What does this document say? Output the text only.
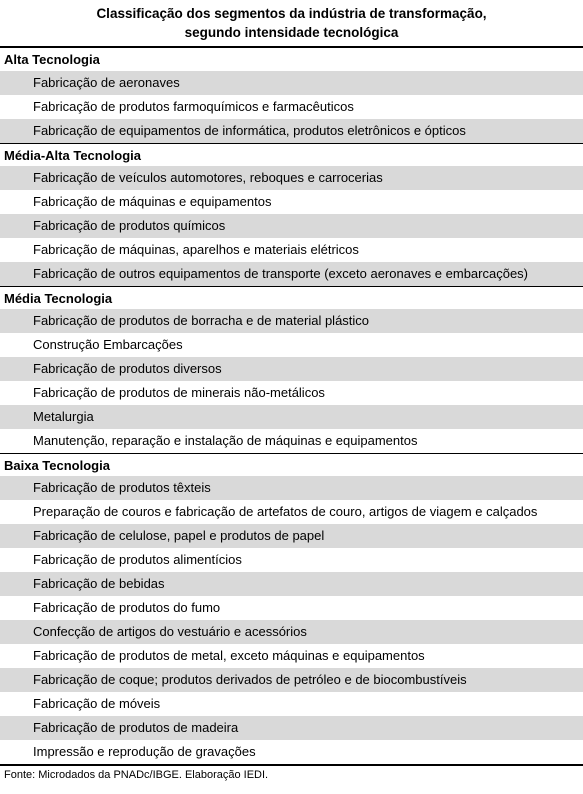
Classificação dos segmentos da indústria de transformação,
segundo intensidade tecnológica
Alta Tecnologia
Fabricação de aeronaves
Fabricação de produtos farmoquímicos e farmacêuticos
Fabricação de equipamentos de informática, produtos eletrônicos e ópticos
Média-Alta Tecnologia
Fabricação de veículos automotores, reboques e carrocerias
Fabricação de máquinas e equipamentos
Fabricação de produtos químicos
Fabricação de máquinas, aparelhos e materiais elétricos
Fabricação de outros equipamentos de transporte (exceto aeronaves e embarcações)
Média Tecnologia
Fabricação de produtos de borracha e de material plástico
Construção Embarcações
Fabricação de produtos diversos
Fabricação de produtos de minerais não-metálicos
Metalurgia
Manutenção, reparação e instalação de máquinas e equipamentos
Baixa Tecnologia
Fabricação de produtos têxteis
Preparação de couros e fabricação de artefatos de couro, artigos de viagem e calçados
Fabricação de celulose, papel e produtos de papel
Fabricação de produtos alimentícios
Fabricação de bebidas
Fabricação de produtos do fumo
Confecção de artigos do vestuário e acessórios
Fabricação de produtos de metal, exceto máquinas e equipamentos
Fabricação de coque; produtos derivados de petróleo e de biocombustíveis
Fabricação de móveis
Fabricação de produtos de madeira
Impressão e reprodução de gravações
Fonte: Microdados da PNADc/IBGE. Elaboração IEDI.
